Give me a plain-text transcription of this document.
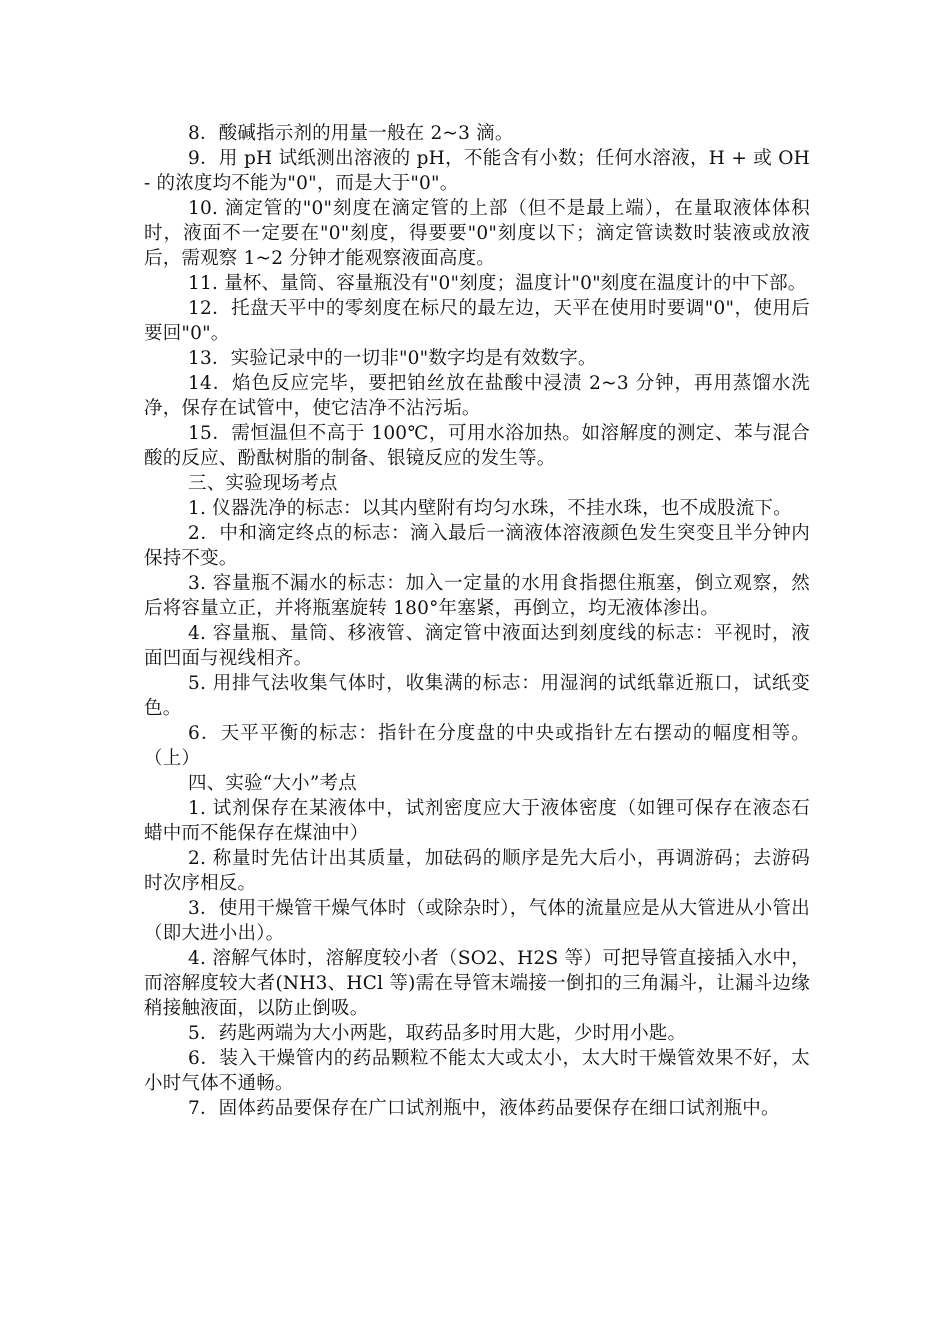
8．酸碱指示剂的用量一般在 2~3 滴。

9．用 pH 试纸测出溶液的 pH，不能含有小数；任何水溶液，H + 或 OH - 的浓度均不能为"0"，而是大于"0"。

10. 滴定管的"0"刻度在滴定管的上部（但不是最上端），在量取液体体积时，液面不一定要在"0"刻度，得要要"0"刻度以下；滴定管读数时装液或放液后，需观察 1~2 分钟才能观察液面高度。

11. 量杯、量筒、容量瓶没有"0"刻度；温度计"0"刻度在温度计的中下部。

12．托盘天平中的零刻度在标尺的最左边，天平在使用时要调"0"，使用后要回"0"。

13．实验记录中的一切非"0"数字均是有效数字。

14．焰色反应完毕，要把铂丝放在盐酸中浸渍 2~3 分钟，再用蒸馏水洗净，保存在试管中，使它洁净不沾污垢。

15．需恒温但不高于 100℃，可用水浴加热。如溶解度的测定、苯与混合酸的反应、酚酞树脂的制备、银镜反应的发生等。

三、实验现场考点

1. 仪器洗净的标志：以其内壁附有均匀水珠，不挂水珠，也不成股流下。

2．中和滴定终点的标志：滴入最后一滴液体溶液颜色发生突变且半分钟内保持不变。

3. 容量瓶不漏水的标志：加入一定量的水用食指摁住瓶塞，倒立观察，然后将容量立正，并将瓶塞旋转 180°年塞紧，再倒立，均无液体渗出。

4. 容量瓶、量筒、移液管、滴定管中液面达到刻度线的标志：平视时，液面凹面与视线相齐。

5. 用排气法收集气体时，收集满的标志：用湿润的试纸靠近瓶口，试纸变色。

6．天平平衡的标志：指针在分度盘的中央或指针左右摆动的幅度相等。（上）

四、实验“大小”考点

1. 试剂保存在某液体中，试剂密度应大于液体密度（如锂可保存在液态石蜡中而不能保存在煤油中）

2. 称量时先估计出其质量，加砝码的顺序是先大后小，再调游码；去游码时次序相反。

3．使用干燥管干燥气体时（或除杂时），气体的流量应是从大管进从小管出（即大进小出）。

4. 溶解气体时，溶解度较小者（SO2、H2S 等）可把导管直接插入水中，而溶解度较大者(NH3、HCl 等)需在导管末端接一倒扣的三角漏斗，让漏斗边缘稍接触液面，以防止倒吸。

5．药匙两端为大小两匙，取药品多时用大匙，少时用小匙。

6．装入干燥管内的药品颗粒不能太大或太小，太大时干燥管效果不好，太小时气体不通畅。

7．固体药品要保存在广口试剂瓶中，液体药品要保存在细口试剂瓶中。
